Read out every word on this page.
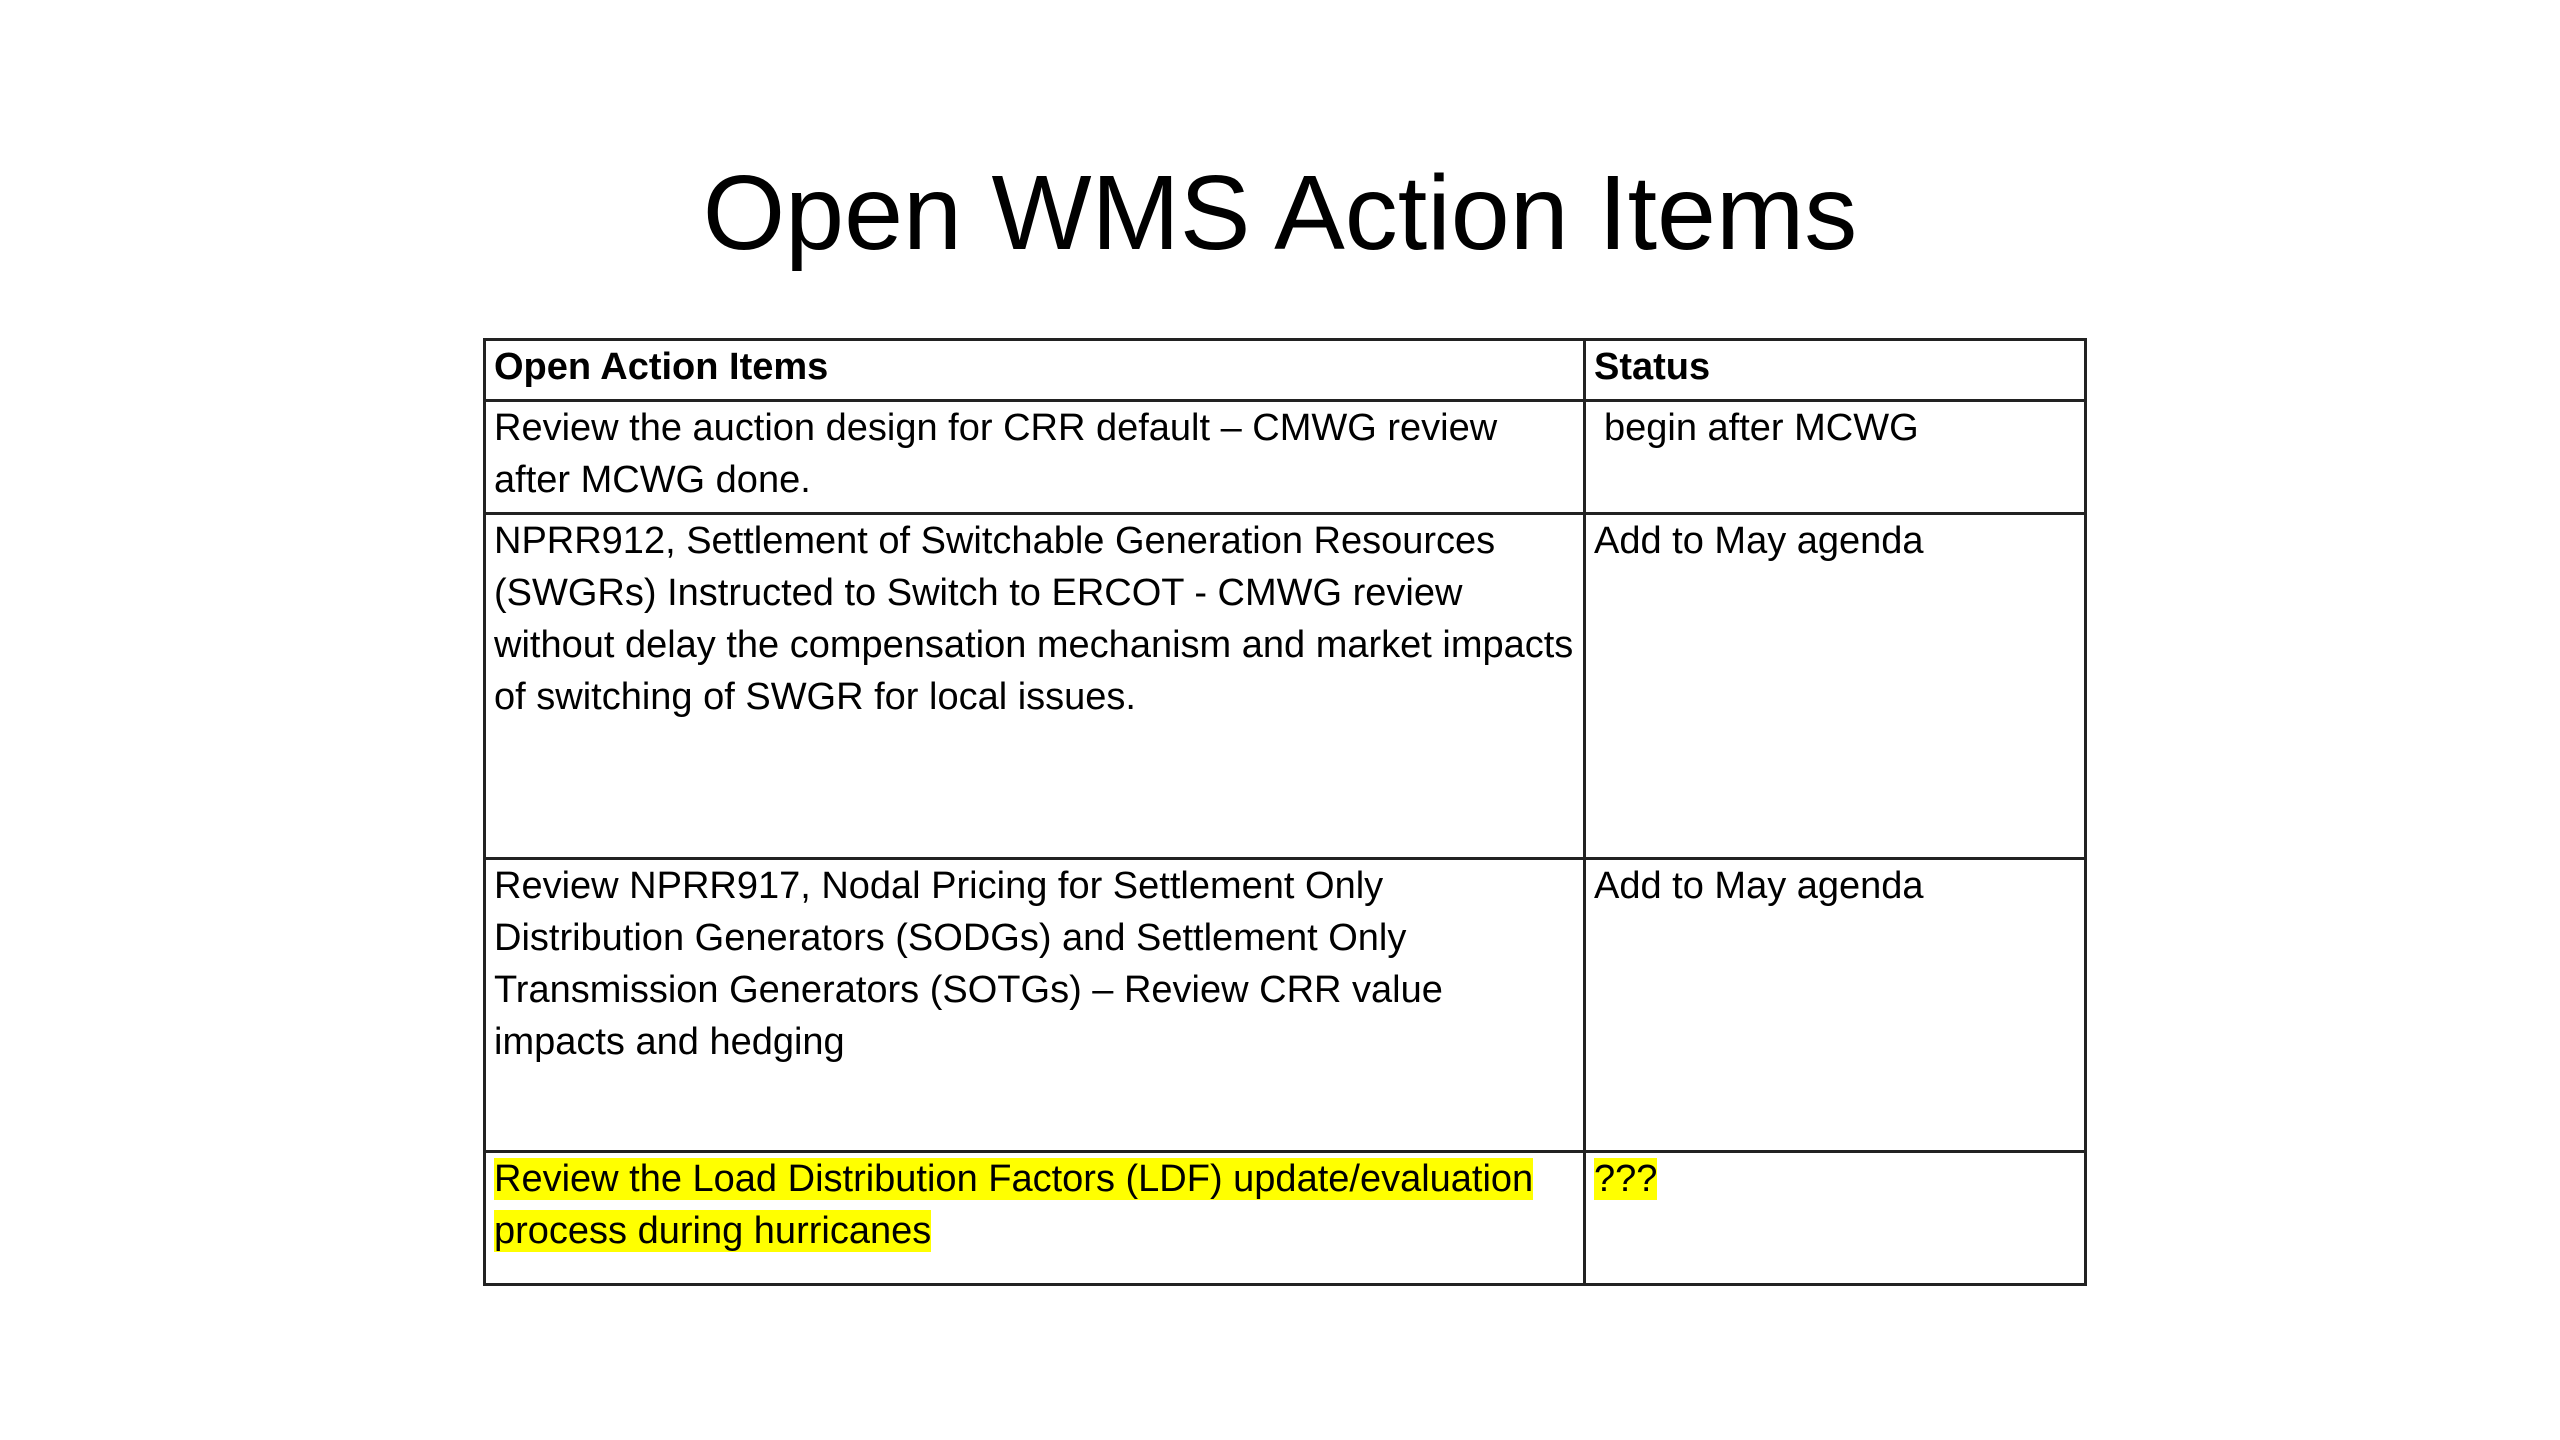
Open WMS Action Items
Open Action Items	Status
Review the auction design for CRR default – CMWG review after MCWG done.	begin after MCWG
NPRR912, Settlement of Switchable Generation Resources (SWGRs) Instructed to Switch to ERCOT - CMWG review without delay the compensation mechanism and market impacts of switching of SWGR for local issues.	Add to May agenda
Review NPRR917, Nodal Pricing for Settlement Only Distribution Generators (SODGs) and Settlement Only Transmission Generators (SOTGs) – Review CRR value impacts and hedging	Add to May agenda
Review the Load Distribution Factors (LDF) update/evaluation process during hurricanes	???
